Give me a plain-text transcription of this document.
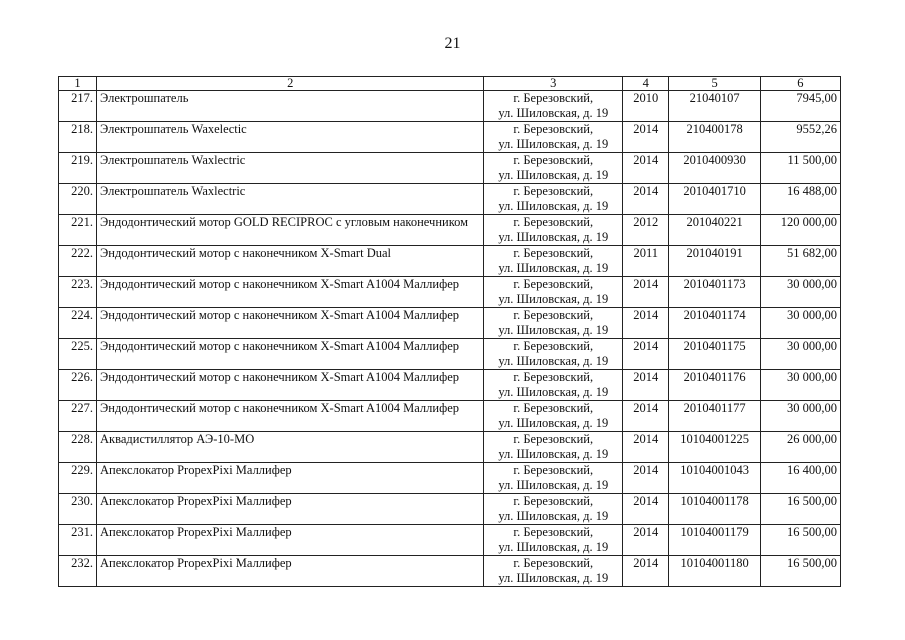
21
1	2	3	4	5	6
217.	Электрошпатель	г. Березовский,
ул. Шиловская, д. 19	2010	21040107	7945,00
218.	Электрошпатель Waxelectic	г. Березовский,
ул. Шиловская, д. 19	2014	210400178	9552,26
219.	Электрошпатель Waxlectric	г. Березовский,
ул. Шиловская, д. 19	2014	2010400930	11 500,00
220.	Электрошпатель Waxlectric	г. Березовский,
ул. Шиловская, д. 19	2014	2010401710	16 488,00
221.	Эндодонтический мотор GOLD RECIPROC с угловым наконечником	г. Березовский,
ул. Шиловская, д. 19	2012	201040221	120 000,00
222.	Эндодонтический мотор с наконечником X-Smart Dual	г. Березовский,
ул. Шиловская, д. 19	2011	201040191	51 682,00
223.	Эндодонтический мотор с наконечником X-Smart A1004 Маллифер	г. Березовский,
ул. Шиловская, д. 19	2014	2010401173	30 000,00
224.	Эндодонтический мотор с наконечником X-Smart A1004 Маллифер	г. Березовский,
ул. Шиловская, д. 19	2014	2010401174	30 000,00
225.	Эндодонтический мотор с наконечником X-Smart A1004 Маллифер	г. Березовский,
ул. Шиловская, д. 19	2014	2010401175	30 000,00
226.	Эндодонтический мотор с наконечником X-Smart A1004 Маллифер	г. Березовский,
ул. Шиловская, д. 19	2014	2010401176	30 000,00
227.	Эндодонтический мотор с наконечником X-Smart A1004 Маллифер	г. Березовский,
ул. Шиловская, д. 19	2014	2010401177	30 000,00
228.	Аквадистиллятор АЭ-10-МО	г. Березовский,
ул. Шиловская, д. 19	2014	10104001225	26 000,00
229.	Апекслокатор PropexPixi Маллифер	г. Березовский,
ул. Шиловская, д. 19	2014	10104001043	16 400,00
230.	Апекслокатор PropexPixi Маллифер	г. Березовский,
ул. Шиловская, д. 19	2014	10104001178	16 500,00
231.	Апекслокатор PropexPixi Маллифер	г. Березовский,
ул. Шиловская, д. 19	2014	10104001179	16 500,00
232.	Апекслокатор PropexPixi Маллифер	г. Березовский,
ул. Шиловская, д. 19	2014	10104001180	16 500,00
